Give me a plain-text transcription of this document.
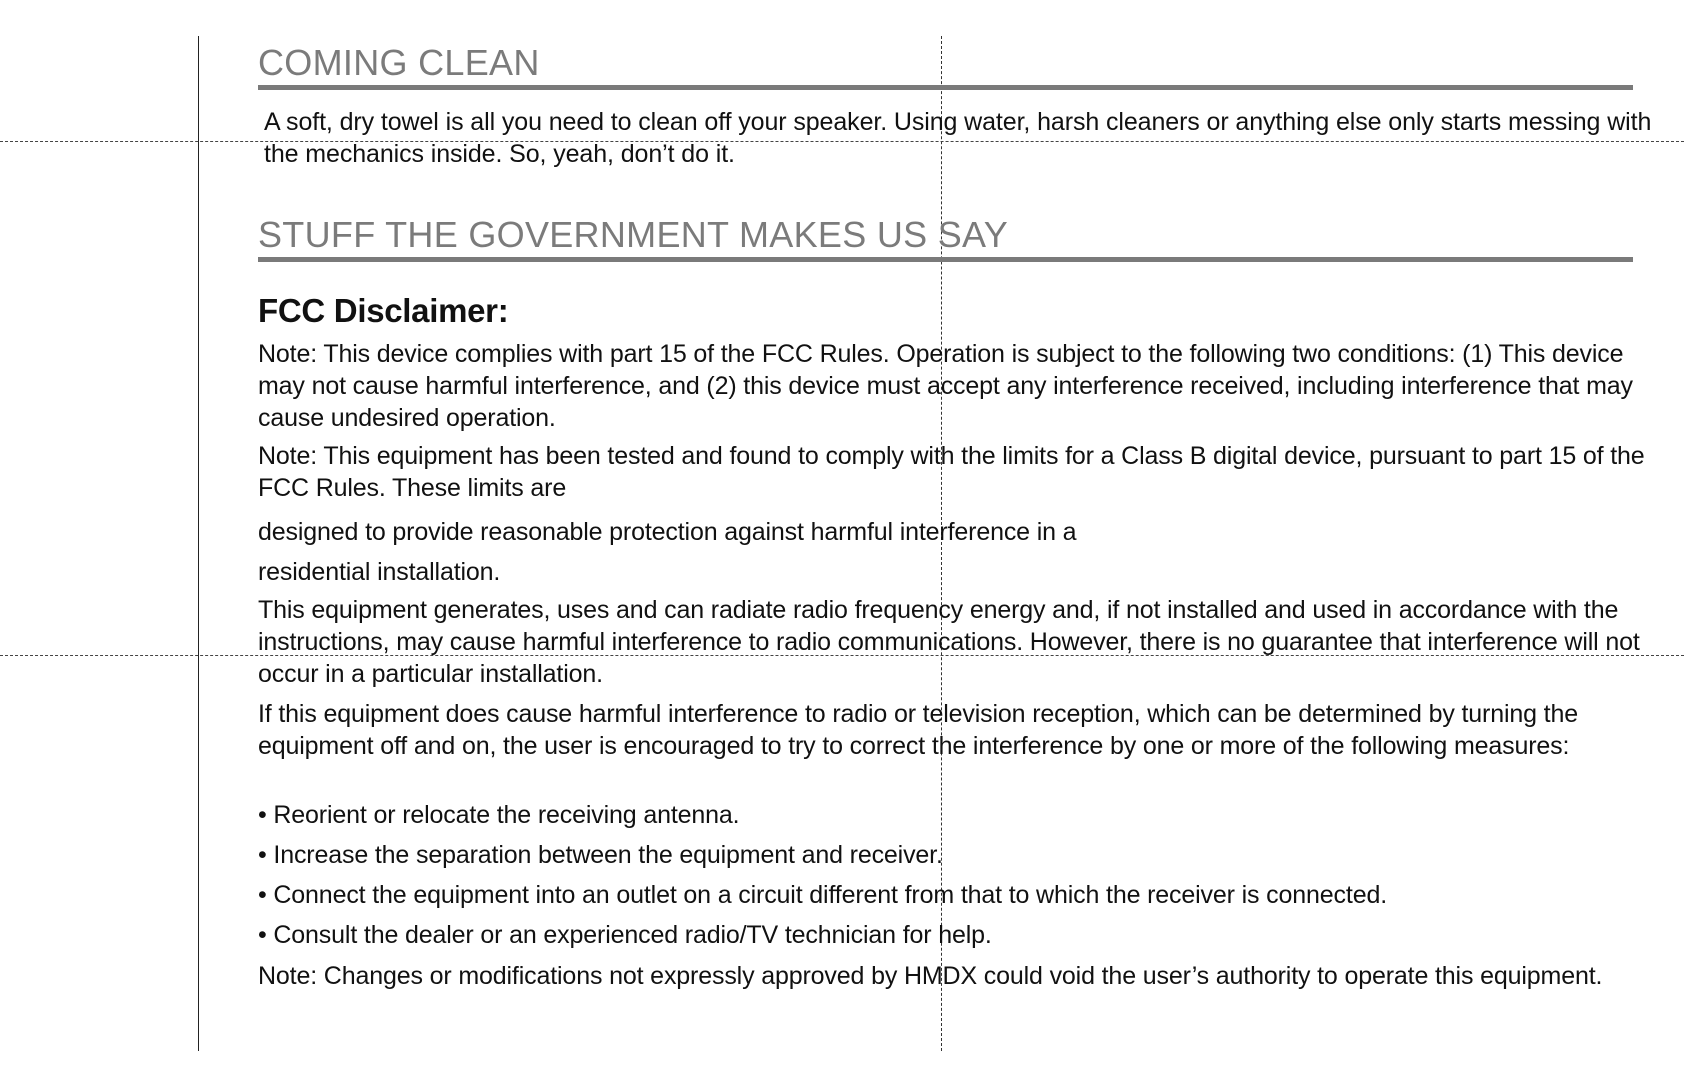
COMING CLEAN
A soft, dry towel is all you need to clean off your speaker. Using water, harsh cleaners or anything else only starts messing with the mechanics inside. So, yeah, don’t do it.
STUFF THE GOVERNMENT MAKES US SAY
FCC Disclaimer:

Note: This device complies with part 15 of the FCC Rules. Operation is subject to the following two conditions: (1) This device may not cause harmful interference, and (2) this device must accept any interference received, including interference that may cause undesired operation.

Note: This equipment has been tested and found to comply with the limits for a Class B digital device, pursuant to part 15 of the FCC Rules. These limits are

designed to provide reasonable protection against harmful interference in a

residential installation.

This equipment generates, uses and can radiate radio frequency energy and, if not installed and used in accordance with the instructions, may cause harmful interference to radio communications. However, there is no guarantee that interference will not occur in a particular installation.

If this equipment does cause harmful interference to radio or television reception, which can be determined by turning the equipment off and on, the user is encouraged to try to correct the interference by one or more of the following measures:

• Reorient or relocate the receiving antenna.

• Increase the separation between the equipment and receiver.

• Connect the equipment into an outlet on a circuit different from that to which the receiver is connected.

• Consult the dealer or an experienced radio/TV technician for help.

Note: Changes or modifications not expressly approved by HMDX could void the user’s authority to operate this equipment.
